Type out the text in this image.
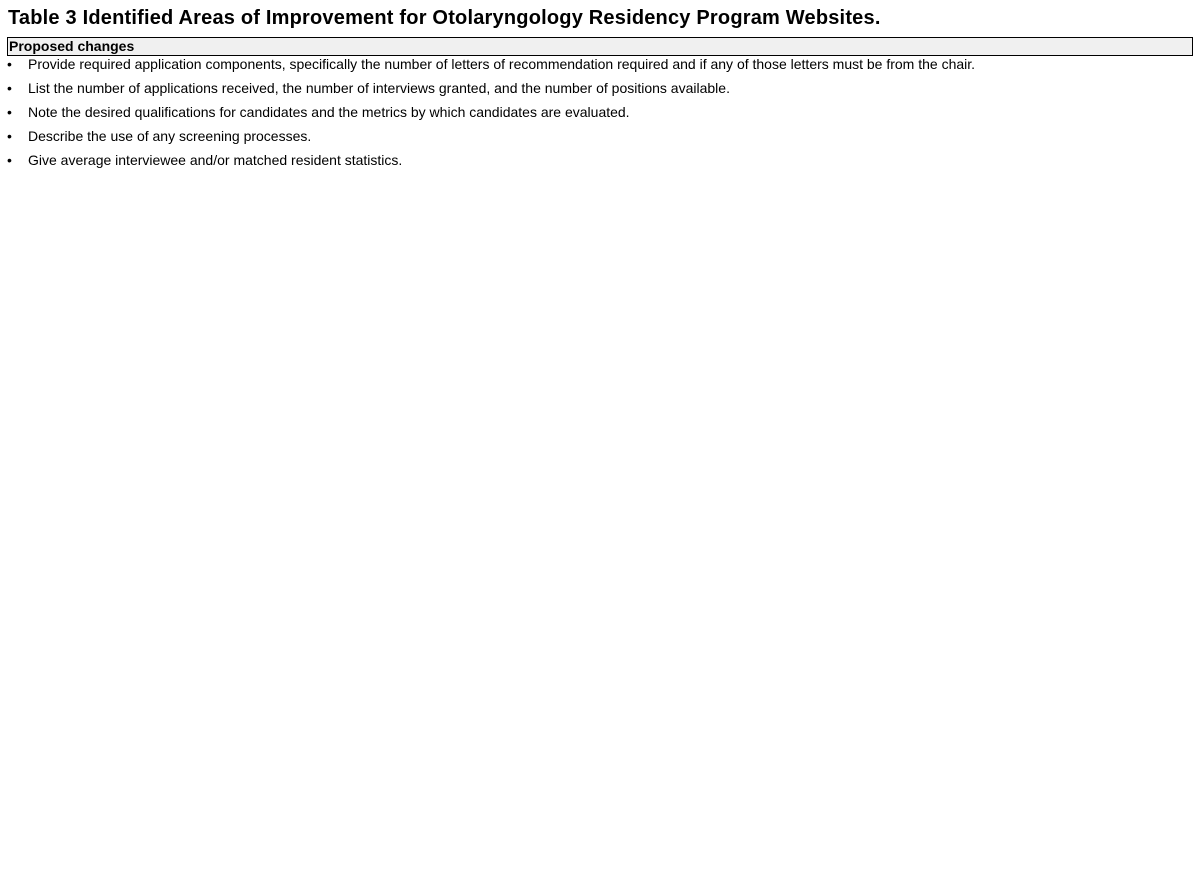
Table 3 Identified Areas of Improvement for Otolaryngology Residency Program Websites.
Proposed changes
• Provide required application components, specifically the number of letters of recommendation required and if any of those letters must be from the chair.
• List the number of applications received, the number of interviews granted, and the number of positions available.
• Note the desired qualifications for candidates and the metrics by which candidates are evaluated.
• Describe the use of any screening processes.
• Give average interviewee and/or matched resident statistics.
